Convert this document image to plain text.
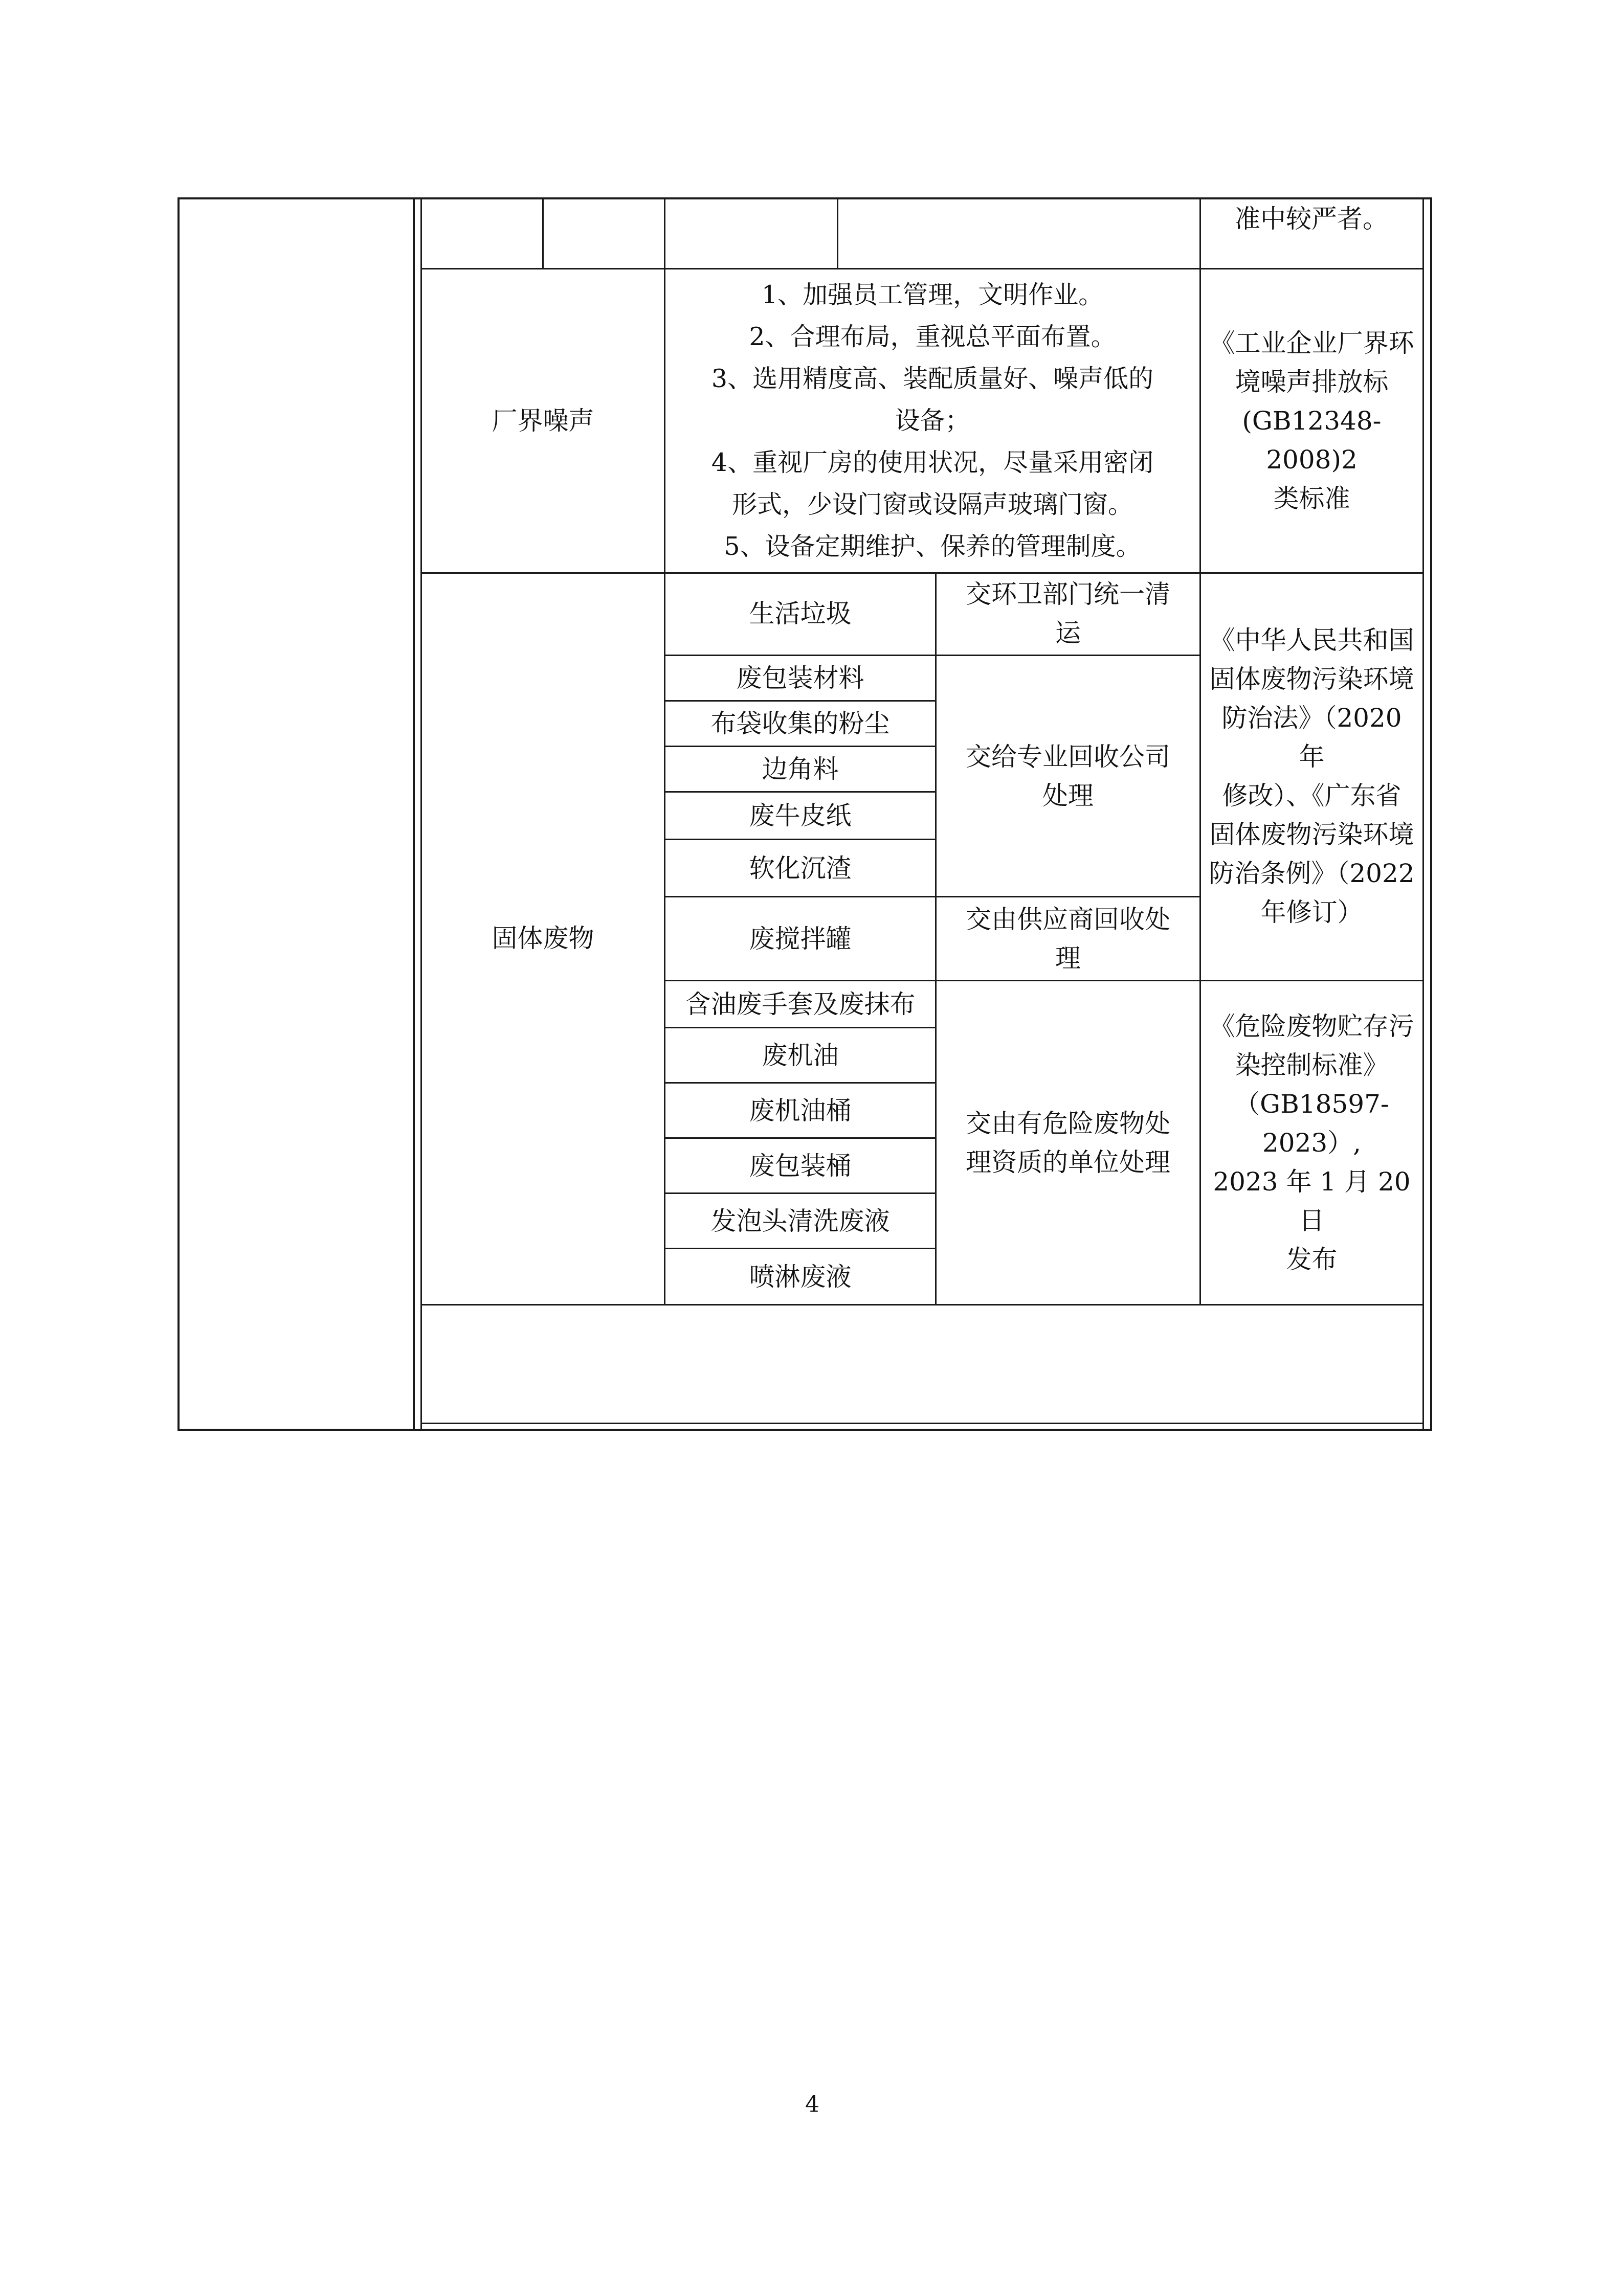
准中较严者。
厂界噪声
1、加强员工管理，文明作业。
2、合理布局，重视总平面布置。
3、选用精度高、装配质量好、噪声低的
设备；
4、重视厂房的使用状况，尽量采用密闭
形式，少设门窗或设隔声玻璃门窗。
5、设备定期维护、保养的管理制度。
《工业企业厂界环
境噪声排放标
(GB12348-2008)2
类标准
固体废物
生活垃圾
交环卫部门统一清
运
废包装材料
布袋收集的粉尘
边角料
废牛皮纸
软化沉渣
交给专业回收公司
处理
废搅拌罐
交由供应商回收处
理
《中华人民共和国
固体废物污染环境
防治法》（2020 年
修改）、《广东省
固体废物污染环境
防治条例》（2022
年修订）
含油废手套及废抹布
废机油
废机油桶
废包装桶
发泡头清洗废液
喷淋废液
交由有危险废物处
理资质的单位处理
《危险废物贮存污
染控制标准》
（GB18597-2023）,
2023 年 1 月 20 日
发布
4
